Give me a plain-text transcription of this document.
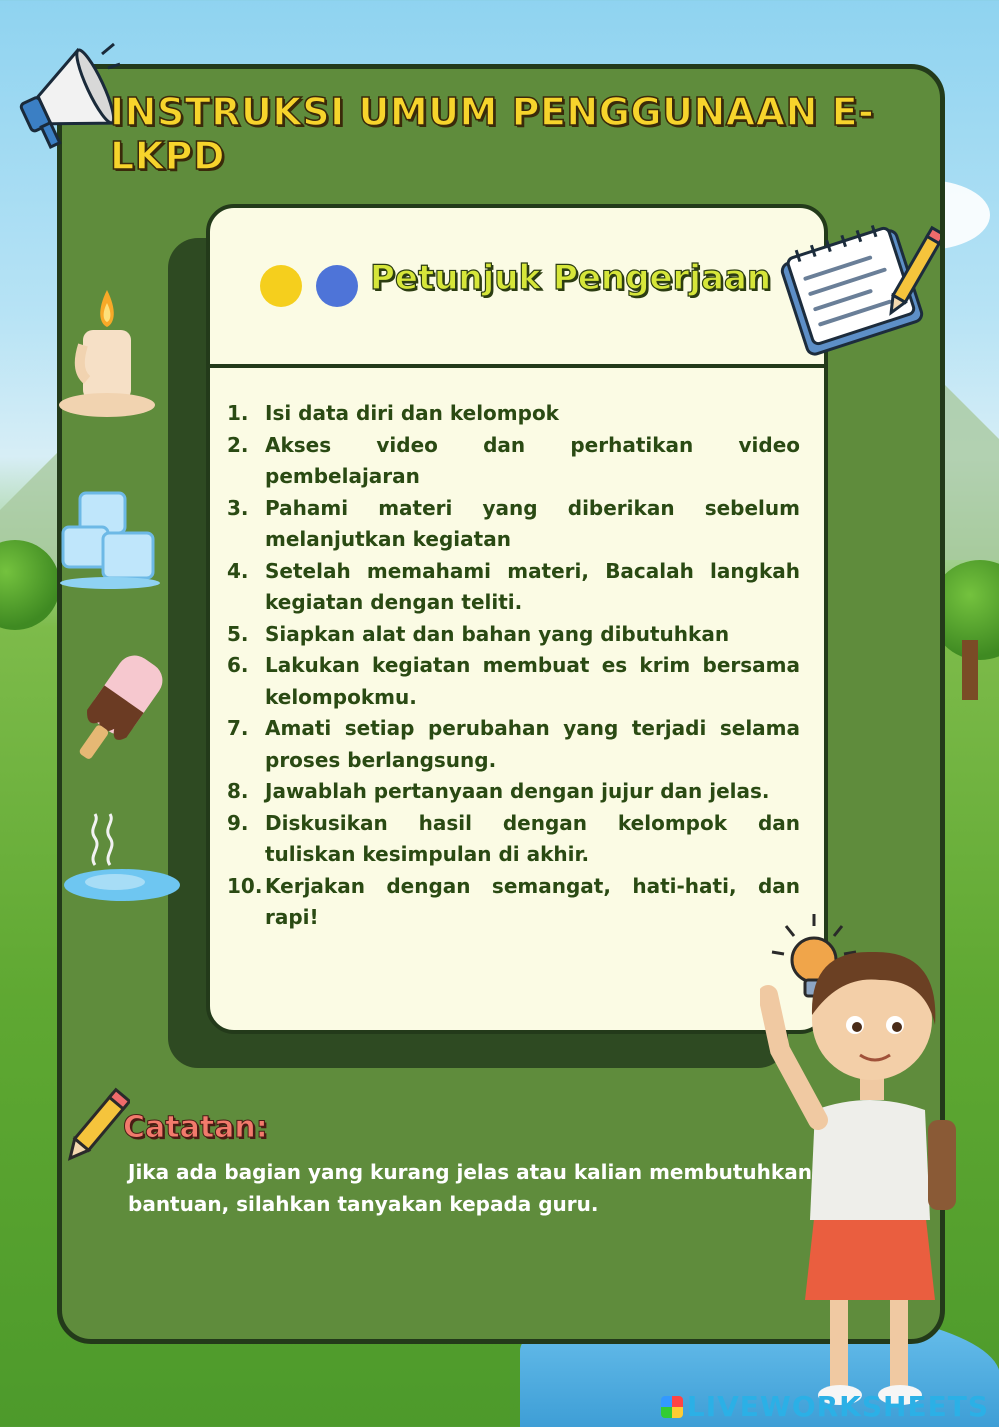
INSTRUKSI UMUM PENGGUNAAN E-LKPD
Petunjuk Pengerjaan
1. Isi data diri dan kelompok
2. Akses video dan perhatikan video pembelajaran
3. Pahami materi yang diberikan sebelum melanjutkan kegiatan
4. Setelah memahami materi, Bacalah langkah kegiatan dengan teliti.
5. Siapkan alat dan bahan yang dibutuhkan
6. Lakukan kegiatan membuat es krim bersama kelompokmu.
7. Amati setiap perubahan yang terjadi selama proses berlangsung.
8. Jawablah pertanyaan dengan jujur dan jelas.
9. Diskusikan hasil dengan kelompok dan tuliskan kesimpulan di akhir.
10. Kerjakan dengan semangat, hati-hati, dan rapi!
Catatan:
Jika ada bagian yang kurang jelas atau kalian membutuhkan bantuan, silahkan tanyakan kepada guru.
LIVEWORKSHEETS
